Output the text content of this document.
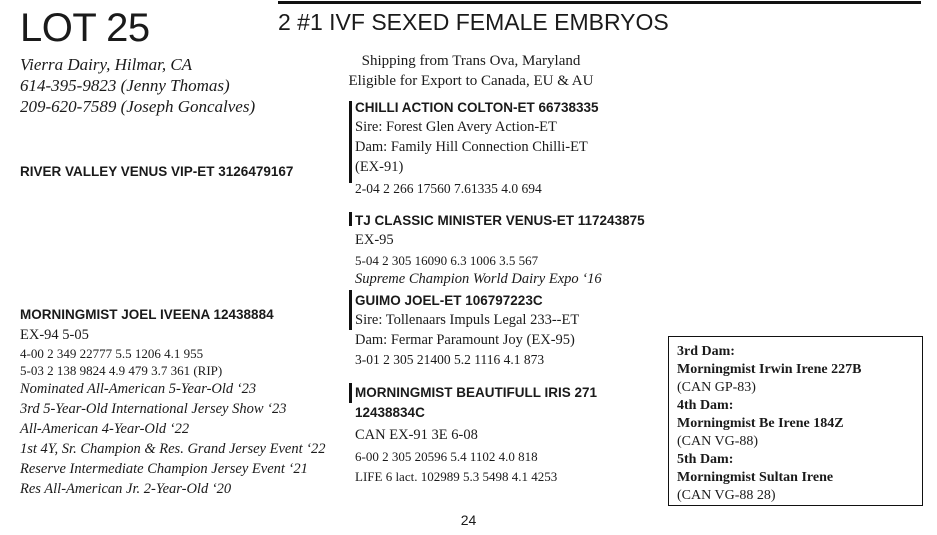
LOT 25	2 #1 IVF SEXED FEMALE EMBRYOS
Vierra Dairy, Hilmar, CA
614-395-9823 (Jenny Thomas)
209-620-7589 (Joseph Goncalves)
Shipping from Trans Ova, Maryland
Eligible for Export to Canada, EU & AU
RIVER VALLEY VENUS VIP-ET 3126479167
CHILLI ACTION COLTON-ET 66738335
Sire: Forest Glen Avery Action-ET
Dam: Family Hill Connection Chilli-ET
(EX-91)
2-04 2 266 17560 7.61335 4.0 694
TJ CLASSIC MINISTER VENUS-ET 117243875
EX-95
5-04 2 305 16090 6.3 1006 3.5 567
Supreme Champion World Dairy Expo ‘16
MORNINGMIST JOEL IVEENA 12438884
EX-94 5-05
4-00 2 349 22777 5.5 1206 4.1 955
5-03 2 138 9824 4.9 479 3.7 361 (RIP)
Nominated All-American 5-Year-Old ‘23
3rd 5-Year-Old International Jersey Show ‘23
All-American 4-Year-Old ‘22
1st 4Y, Sr. Champion & Res. Grand Jersey Event ‘22
Reserve Intermediate Champion Jersey Event ‘21
Res All-American Jr. 2-Year-Old ‘20
GUIMO JOEL-ET 106797223C
Sire: Tollenaars Impuls Legal 233--ET
Dam: Fermar Paramount Joy (EX-95)
3-01 2 305 21400 5.2 1116 4.1 873
MORNINGMIST BEAUTIFULL IRIS 271
12438834C
CAN EX-91 3E 6-08
6-00 2 305 20596 5.4 1102 4.0 818
LIFE 6 lact. 102989 5.3 5498 4.1 4253
3rd Dam:
Morningmist Irwin Irene 227B
(CAN GP-83)
4th Dam:
Morningmist Be Irene 184Z
(CAN VG-88)
5th Dam:
Morningmist Sultan Irene
(CAN VG-88 28)
24
